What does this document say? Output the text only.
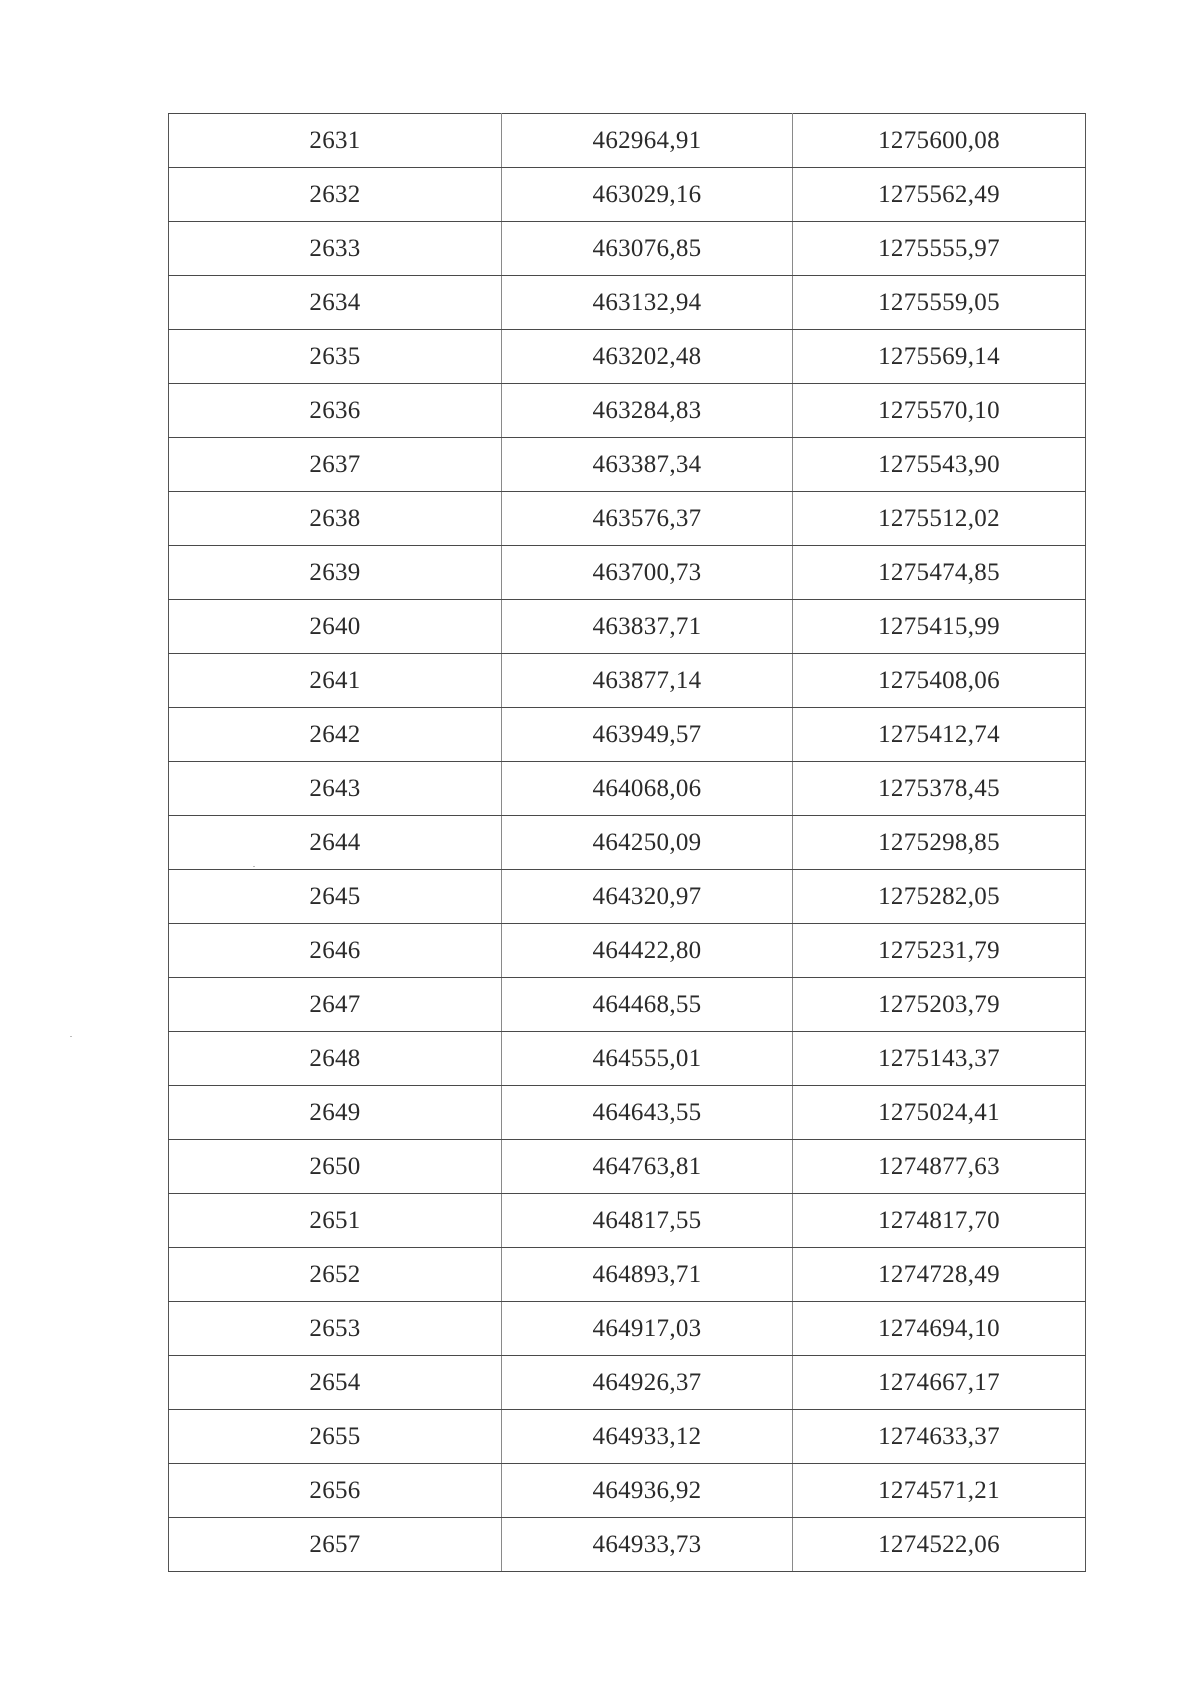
2631	462964,91	1275600,08
2632	463029,16	1275562,49
2633	463076,85	1275555,97
2634	463132,94	1275559,05
2635	463202,48	1275569,14
2636	463284,83	1275570,10
2637	463387,34	1275543,90
2638	463576,37	1275512,02
2639	463700,73	1275474,85
2640	463837,71	1275415,99
2641	463877,14	1275408,06
2642	463949,57	1275412,74
2643	464068,06	1275378,45
2644	464250,09	1275298,85
2645	464320,97	1275282,05
2646	464422,80	1275231,79
2647	464468,55	1275203,79
2648	464555,01	1275143,37
2649	464643,55	1275024,41
2650	464763,81	1274877,63
2651	464817,55	1274817,70
2652	464893,71	1274728,49
2653	464917,03	1274694,10
2654	464926,37	1274667,17
2655	464933,12	1274633,37
2656	464936,92	1274571,21
2657	464933,73	1274522,06
